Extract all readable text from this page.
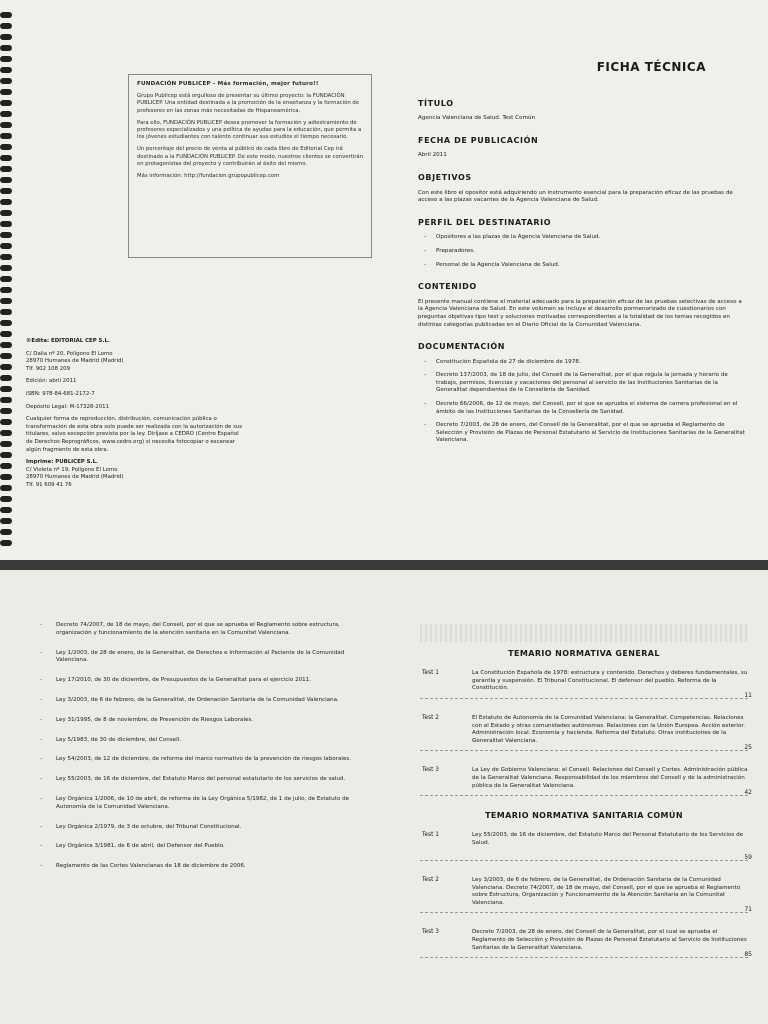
FUNDACIÓN PUBLICEP - Más formación, mejor futuro!!

Grupo Publicep está orgulloso de presentar su último proyecto: la FUNDACIÓN PUBLICEP. Una entidad destinada a la promoción de la enseñanza y la formación de profesores en las zonas más necesitadas de Hispanoamérica.

Para ello, FUNDACIÓN PUBLICEP desea promover la formación y adiestramiento de profesores especializados y una política de ayudas para la educación, que permita a los jóvenes estudiantes con talento continuar sus estudios el tiempo necesario.

Un porcentaje del precio de venta al público de cada libro de Editorial Cep irá destinado a la FUNDACIÓN PUBLICEP. De este modo, nuestros clientes se convertirán en protagonistas del proyecto y contribuirán al éxito del mismo.

Más información: http://fundacion.grupopublicep.com

©Edita: EDITORIAL CEP S.L.

C/ Dalia nº 20, Polígono El Lomo
28970 Humanes de Madrid (Madrid)
Tlf. 902 108 209

Edición: abril 2011

ISBN: 978-84-681-2172-7

Depósito Legal: M-17328-2011

Cualquier forma de reproducción, distribución, comunicación pública o transformación de esta obra solo puede ser realizada con la autorización de sus titulares, salvo excepción prevista por la ley. Diríjase a CEDRO (Centro Español de Derechos Reprográficos, www.cedro.org) si necesita fotocopiar o escanear algún fragmento de esta obra.

Imprime: PUBLICEP S.L.
C/ Violeta nº 19, Polígono El Lomo
28970 Humanes de Madrid (Madrid)
Tlf. 91 609 41 76

FICHA TÉCNICA
TÍTULO
Agencia Valenciana de Salud. Test Común
FECHA DE PUBLICACIÓN
Abril 2011
OBJETIVOS
Con este libro el opositor está adquiriendo un instrumento esencial para la preparación eficaz de las pruebas de acceso a las plazas vacantes de la Agencia Valenciana de Salud.
PERFIL DEL DESTINATARIO
- Opositores a las plazas de la Agencia Valenciana de Salud.
- Preparadores.
- Personal de la Agencia Valenciana de Salud.
CONTENIDO
El presente manual contiene el material adecuado para la preparación eficaz de las pruebas selectivas de acceso a la Agencia Valenciana de Salud. En este volumen se incluye el desarrollo pormenorizado de cuestionarios con preguntas objetivas tipo test y soluciones motivadas correspondientes a la totalidad de los temas recogidos en distintas categorías publicadas en el Diario Oficial de la Comunidad Valenciana.
DOCUMENTACIÓN
- Constitución Española de 27 de diciembre de 1978.
- Decreto 137/2003, de 18 de julio, del Consell de la Generalitat, por el que regula la jornada y horario de trabajo, permisos, licencias y vacaciones del personal al servicio de las Instituciones Sanitarias de la Generalitat dependientes de la Consellería de Sanidad.
- Decreto 66/2006, de 12 de mayo, del Consell, por el que se aprueba el sistema de carrera profesional en el ámbito de las Instituciones Sanitarias de la Consellería de Sanidad.
- Decreto 7/2003, de 28 de enero, del Consell de la Generalitat, por el que se aprueba el Reglamento de Selección y Provisión de Plazas de Personal Estatutario al Servicio de Instituciones Sanitarias de la Generalitat Valenciana.
- Decreto 74/2007, de 18 de mayo, del Consell, por el que se aprueba el Reglamento sobre estructura, organización y funcionamiento de la atención sanitaria en la Comunitat Valenciana.
- Ley 1/2003, de 28 de enero, de la Generalitat, de Derechos e Información al Paciente de la Comunidad Valenciana.
- Ley 17/2010, de 30 de diciembre, de Presupuestos de la Generalitat para el ejercicio 2011.
- Ley 3/2003, de 6 de febrero, de la Generalitat, de Ordenación Sanitaria de la Comunidad Valenciana.
- Ley 31/1995, de 8 de noviembre, de Prevención de Riesgos Laborales.
- Ley 5/1983, de 30 de diciembre, del Consell.
- Ley 54/2003, de 12 de diciembre, de reforma del marco normativo de la prevención de riesgos laborales.
- Ley 55/2003, de 16 de diciembre, del Estatuto Marco del personal estatutario de los servicios de salud.
- Ley Orgánica 1/2006, de 10 de abril, de reforma de la Ley Orgánica 5/1982, de 1 de julio, de Estatuto de Autonomía de la Comunidad Valenciana.
- Ley Orgánica 2/1979, de 3 de octubre, del Tribunal Constitucional.
- Ley Orgánica 3/1981, de 6 de abril, del Defensor del Pueblo.
- Reglamento de las Cortes Valencianas de 18 de diciembre de 2006.
TEMARIO NORMATIVA GENERAL
Test 1	La Constitución Española de 1978: estructura y contenido. Derechos y deberes fundamentales, su garantía y suspensión. El Tribunal Constitucional. El defensor del pueblo. Reforma de la Constitución.
11
Test 2	El Estatuto de Autonomía de la Comunidad Valenciana: la Generalitat. Competencias. Relaciones con el Estado y otras comunidades autónomas. Relaciones con la Unión Europea. Acción exterior. Administración local. Economía y hacienda. Reforma del Estatuto. Otras instituciones de la Generalitat Valenciana.
25
Test 3	La Ley de Gobierno Valenciano: el Consell. Relaciones del Consell y Cortes. Administración pública de la Generalitat Valenciana. Responsabilidad de los miembros del Consell y de la administración pública de la Generalitat Valenciana.
42
TEMARIO NORMATIVA SANITARIA COMÚN
Test 1	Ley 55/2003, de 16 de diciembre, del Estatuto Marco del Personal Estatutario de los Servicios de Salud.
59
Test 2	Ley 3/2003, de 6 de febrero, de la Generalitat, de Ordenación Sanitaria de la Comunidad Valenciana. Decreto 74/2007, de 18 de mayo, del Consell, por el que se aprueba el Reglamento sobre Estructura, Organización y Funcionamiento de la Atención Sanitaria en la Comunitat Valenciana.
71
Test 3	Decreto 7/2003, de 28 de enero, del Consell de la Generalitat, por el cual se aprueba el Reglamento de Selección y Provisión de Plazas de Personal Estatutario al Servicio de Instituciones Sanitarias de la Generalitat Valenciana.
85
